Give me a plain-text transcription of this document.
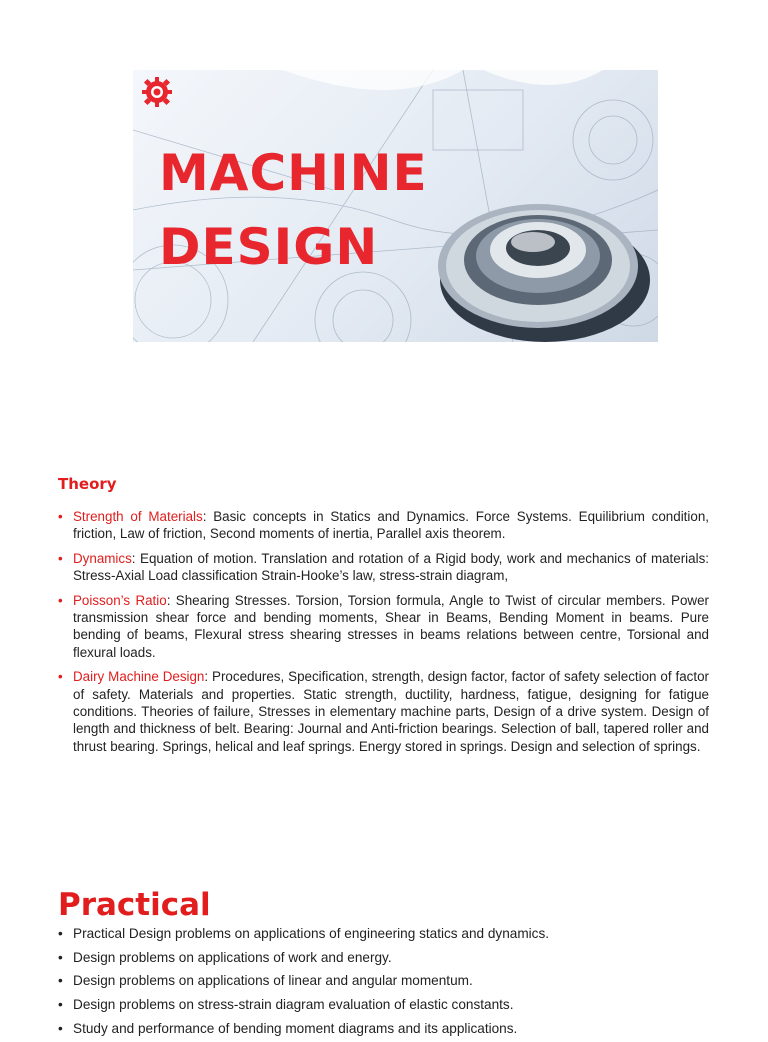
MACHINE
DESIGN
Theory
• Strength of Materials: Basic concepts in Statics and Dynamics. Force Systems. Equilibrium condition, friction, Law of friction, Second moments of inertia, Parallel axis theorem.
• Dynamics: Equation of motion. Translation and rotation of a Rigid body, work and mechanics of materials: Stress-Axial Load classification Strain-Hooke’s law, stress-strain diagram,
• Poisson’s Ratio: Shearing Stresses. Torsion, Torsion formula, Angle to Twist of circular members. Power transmission shear force and bending moments, Shear in Beams, Bending Moment in beams. Pure bending of beams, Flexural stress shearing stresses in beams relations between centre, Torsional and flexural loads.
• Dairy Machine Design: Procedures, Specification, strength, design factor, factor of safety selection of factor of safety. Materials and properties. Static strength, ductility, hardness, fatigue, designing for fatigue conditions. Theories of failure, Stresses in elementary machine parts, Design of a drive system. Design of length and thickness of belt. Bearing: Journal and Anti-friction bearings. Selection of ball, tapered roller and thrust bearing. Springs, helical and leaf springs. Energy stored in springs. Design and selection of springs.
Practical
• Practical Design problems on applications of engineering statics and dynamics.
• Design problems on applications of work and energy.
• Design problems on applications of linear and angular momentum.
• Design problems on stress-strain diagram evaluation of elastic constants.
• Study and performance of bending moment diagrams and its applications.
